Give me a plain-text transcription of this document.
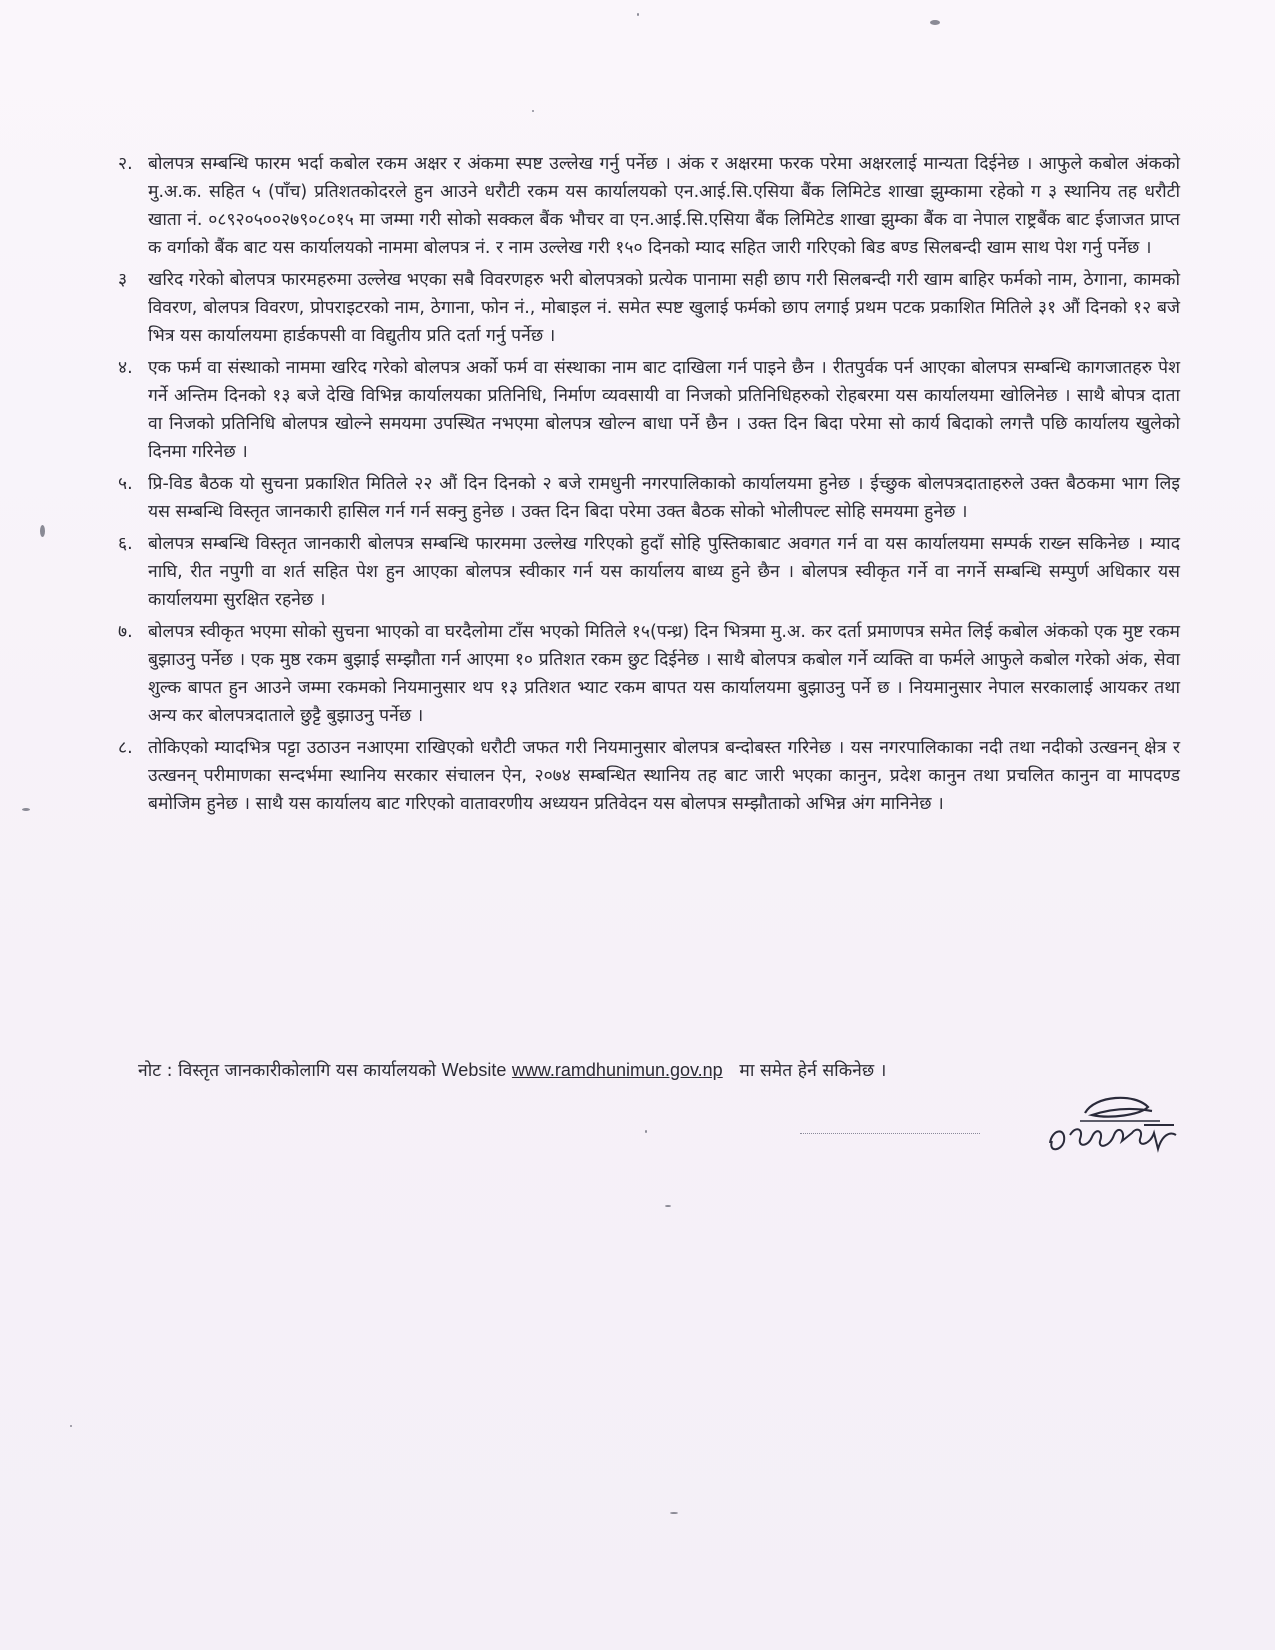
२. बोलपत्र सम्बन्धि फारम भर्दा कबोल रकम अक्षर र अंकमा स्पष्ट उल्लेख गर्नु पर्नेछ । अंक र अक्षरमा फरक परेमा अक्षरलाई मान्यता दिईनेछ । आफुले कबोल अंकको मु.अ.क. सहित ५ (पाँच) प्रतिशतकोदरले हुन आउने धरौटी रकम यस कार्यालयको एन.आई.सि.एसिया बैंक लिमिटेड शाखा झुम्कामा रहेको ग ३ स्थानिय तह धरौटी खाता नं. ०८९२०५००२७९०८०१५ मा जम्मा गरी सोको सक्कल बैंक भौचर वा एन.आई.सि.एसिया बैंक लिमिटेड शाखा झुम्का बैंक वा नेपाल राष्ट्रबैंक बाट ईजाजत प्राप्त क वर्गाको बैंक बाट यस कार्यालयको नाममा बोलपत्र नं. र नाम उल्लेख गरी १५० दिनको म्याद सहित जारी गरिएको बिड बण्ड सिलबन्दी खाम साथ पेश गर्नु पर्नेछ ।
३	खरिद गरेको बोलपत्र फारमहरुमा उल्लेख भएका सबै विवरणहरु भरी बोलपत्रको प्रत्येक पानामा सही छाप गरी सिलबन्दी गरी खाम बाहिर फर्मको नाम, ठेगाना, कामको विवरण, बोलपत्र विवरण, प्रोपराइटरको नाम, ठेगाना, फोन नं., मोबाइल नं. समेत स्पष्ट खुलाई फर्मको छाप लगाई प्रथम पटक प्रकाशित मितिले ३१ औं दिनको १२ बजे भित्र यस कार्यालयमा हार्डकपसी वा विद्युतीय प्रति दर्ता गर्नु पर्नेछ ।
४. एक फर्म वा संस्थाको नाममा खरिद गरेको बोलपत्र अर्को फर्म वा संस्थाका नाम बाट दाखिला गर्न पाइने छैन । रीतपुर्वक पर्न आएका बोलपत्र सम्बन्धि कागजातहरु पेश गर्ने अन्तिम दिनको १३ बजे देखि विभिन्न कार्यालयका प्रतिनिधि, निर्माण व्यवसायी वा निजको प्रतिनिधिहरुको रोहबरमा यस कार्यालयमा खोलिनेछ । साथै बोपत्र दाता वा निजको प्रतिनिधि बोलपत्र खोल्ने समयमा उपस्थित नभएमा बोलपत्र खोल्न बाधा पर्ने छैन । उक्त दिन बिदा परेमा सो कार्य बिदाको लगत्तै पछि कार्यालय खुलेको दिनमा गरिनेछ ।
५. प्रि-विड बैठक यो सुचना प्रकाशित मितिले २२ औं दिन दिनको २ बजे रामधुनी नगरपालिकाको कार्यालयमा हुनेछ । ईच्छुक बोलपत्रदाताहरुले उक्त बैठकमा भाग लिइ यस सम्बन्धि विस्तृत जानकारी हासिल गर्न गर्न सक्नु हुनेछ । उक्त दिन बिदा परेमा उक्त बैठक सोको भोलीपल्ट सोहि समयमा हुनेछ ।
६. बोलपत्र सम्बन्धि विस्तृत जानकारी बोलपत्र सम्बन्धि फारममा उल्लेख गरिएको हुदाँ सोहि पुस्तिकाबाट अवगत गर्न वा यस कार्यालयमा सम्पर्क राख्न सकिनेछ । म्याद नाघि, रीत नपुगी वा शर्त सहित पेश हुन आएका बोलपत्र स्वीकार गर्न यस कार्यालय बाध्य हुने छैन । बोलपत्र स्वीकृत गर्ने वा नगर्ने सम्बन्धि सम्पुर्ण अधिकार यस कार्यालयमा सुरक्षित रहनेछ ।
७. बोलपत्र स्वीकृत भएमा सोको सुचना भाएको वा घरदैलोमा टाँस भएको मितिले १५(पन्ध्र) दिन भित्रमा मु.अ. कर दर्ता प्रमाणपत्र समेत लिई कबोल अंकको एक मुष्ट रकम बुझाउनु पर्नेछ । एक मुष्ठ रकम बुझाई सम्झौता गर्न आएमा १० प्रतिशत रकम छुट दिईनेछ । साथै बोलपत्र कबोल गर्ने व्यक्ति वा फर्मले आफुले कबोल गरेको अंक, सेवा शुल्क बापत हुन आउने जम्मा रकमको नियमानुसार थप १३ प्रतिशत भ्याट रकम बापत यस कार्यालयमा बुझाउनु पर्ने छ । नियमानुसार नेपाल सरकालाई आयकर तथा अन्य कर बोलपत्रदाताले छुट्टै बुझाउनु पर्नेछ ।
८. तोकिएको म्यादभित्र पट्टा उठाउन नआएमा राखिएको धरौटी जफत गरी नियमानुसार बोलपत्र बन्दोबस्त गरिनेछ । यस नगरपालिकाका नदी तथा नदीको उत्खनन् क्षेत्र र उत्खनन् परीमाणका सन्दर्भमा स्थानिय सरकार संचालन ऐन, २०७४ सम्बन्धित स्थानिय तह बाट जारी भएका कानुन, प्रदेश कानुन तथा प्रचलित कानुन वा मापदण्ड बमोजिम हुनेछ । साथै यस कार्यालय बाट गरिएको वातावरणीय अध्ययन प्रतिवेदन यस बोलपत्र सम्झौताको अभिन्न अंग मानिनेछ ।
नोट : विस्तृत जानकारीकोलागि यस कार्यालयको Website www.ramdhunimun.gov.np   मा समेत हेर्न सकिनेछ ।
